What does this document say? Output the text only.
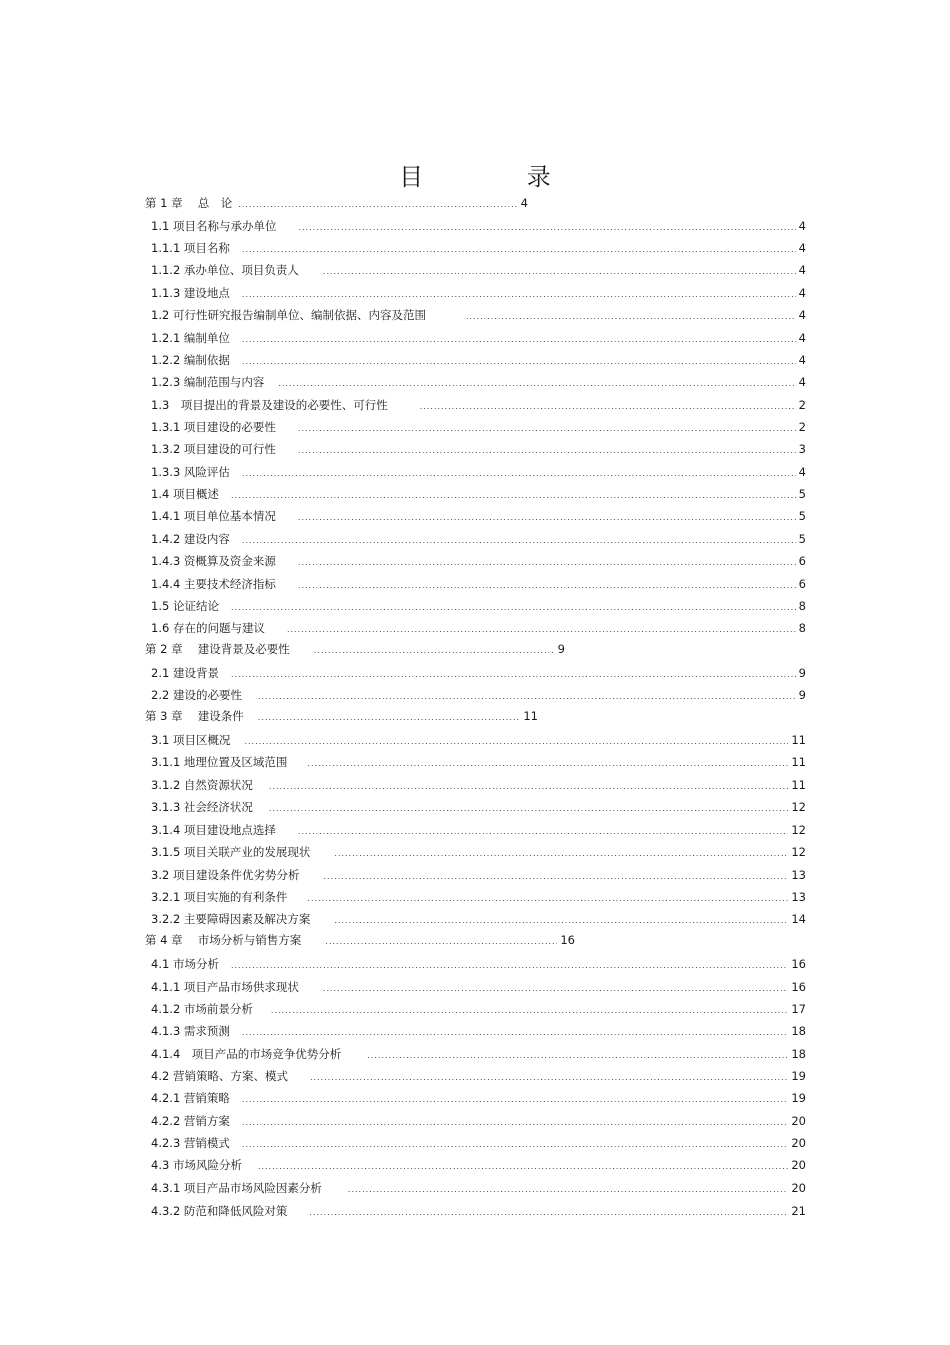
目 录
第 1 章　 总　论 .....	4
1.1 项目名称与承办单位 .....	4
1.1.1 项目名称 .....	4
1.1.2 承办单位、项目负责人 .....	4
1.1.3 建设地点 .....	4
1.2 可行性研究报告编制单位、编制依据、内容及范围 .....	4
1.2.1 编制单位 .....	4
1.2.2 编制依据 .....	4
1.2.3 编制范围与内容 .....	4
1.3　项目提出的背景及建设的必要性、可行性 .....	2
1.3.1 项目建设的必要性 .....	2
1.3.2 项目建设的可行性 .....	3
1.3.3 风险评估 .....	4
1.4 项目概述 .....	5
1.4.1 项目单位基本情况 .....	5
1.4.2 建设内容 .....	5
1.4.3 资概算及资金来源 .....	6
1.4.4 主要技术经济指标 .....	6
1.5 论证结论 .....	8
1.6 存在的问题与建议 .....	8
第 2 章　 建设背景及必要性 .....	9
2.1 建设背景 .....	9
2.2 建设的必要性 .....	9
第 3 章　 建设条件 .....	11
3.1 项目区概况 .....	11
3.1.1 地理位置及区域范围 .....	11
3.1.2 自然资源状况 .....	11
3.1.3 社会经济状况 .....	12
3.1.4 项目建设地点选择 .....	12
3.1.5 项目关联产业的发展现状 .....	12
3.2 项目建设条件优劣势分析 .....	13
3.2.1 项目实施的有利条件 .....	13
3.2.2 主要障碍因素及解决方案 .....	14
第 4 章　 市场分析与销售方案 .....	16
4.1 市场分析 .....	16
4.1.1 项目产品市场供求现状 .....	16
4.1.2 市场前景分析 .....	17
4.1.3 需求预测 .....	18
4.1.4　项目产品的市场竞争优势分析 .....	18
4.2 营销策略、方案、模式 .....	19
4.2.1 营销策略 .....	19
4.2.2 营销方案 .....	20
4.2.3 营销模式 .....	20
4.3 市场风险分析 .....	20
4.3.1 项目产品市场风险因素分析 .....	20
4.3.2 防范和降低风险对策 .....	21
